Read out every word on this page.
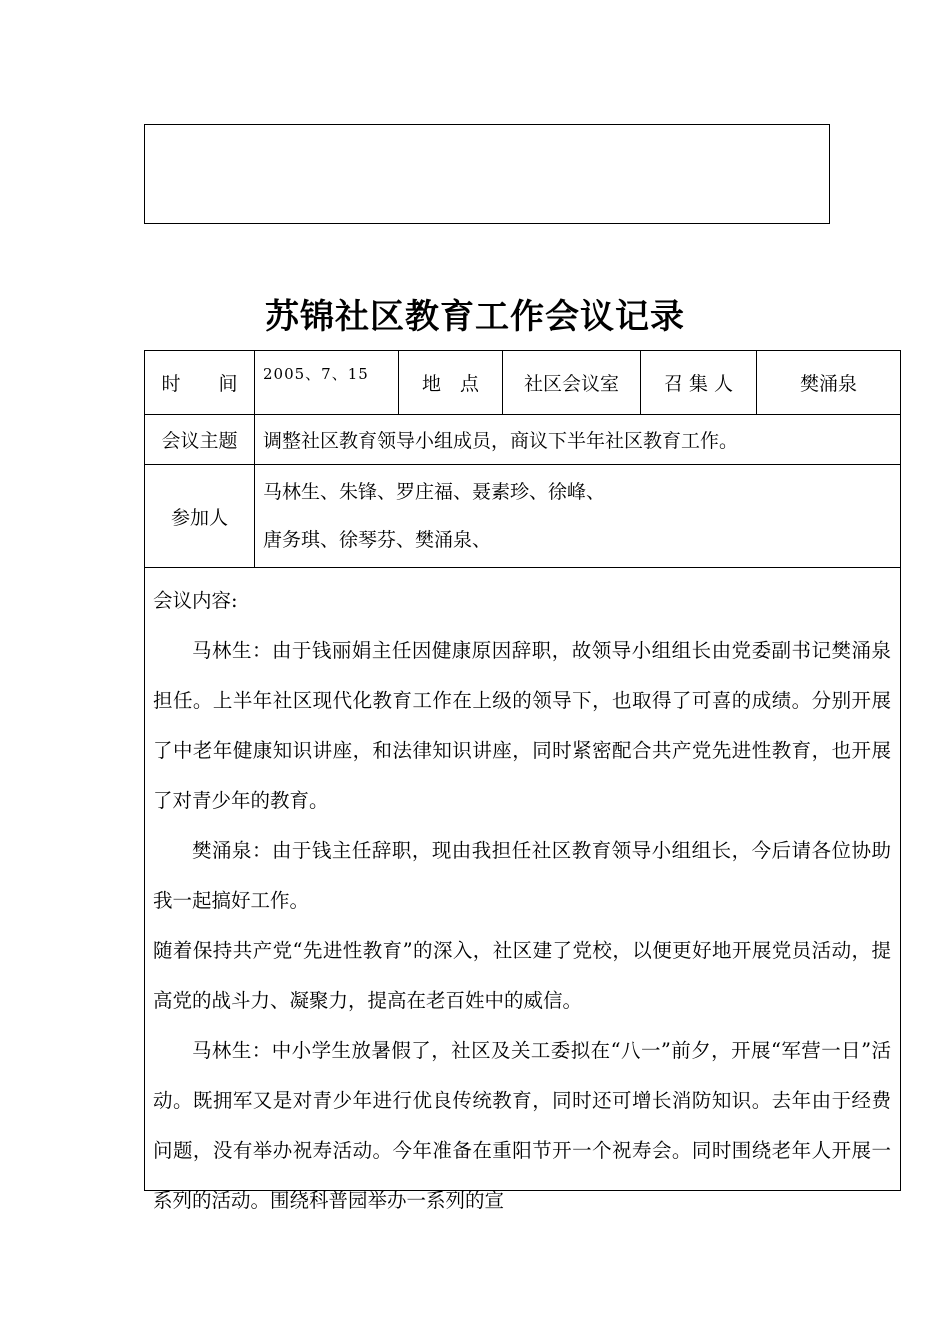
苏锦社区教育工作会议记录
时　　间	2005、7、15	地　点	社区会议室	召 集 人	樊涌泉
会议主题	调整社区教育领导小组成员，商议下半年社区教育工作。				
参加人	马林生、朱锋、罗庄福、聂素珍、徐峰、
唐务琪、徐琴芬、樊涌泉、				

会议内容:

马林生：由于钱丽娟主任因健康原因辞职，故领导小组组长由党委副书记樊涌泉担任。上半年社区现代化教育工作在上级的领导下，也取得了可喜的成绩。分别开展了中老年健康知识讲座，和法律知识讲座，同时紧密配合共产党先进性教育，也开展了对青少年的教育。

樊涌泉：由于钱主任辞职，现由我担任社区教育领导小组组长，今后请各位协助我一起搞好工作。

随着保持共产党“先进性教育”的深入，社区建了党校，以便更好地开展党员活动，提高党的战斗力、凝聚力，提高在老百姓中的威信。

马林生：中小学生放暑假了，社区及关工委拟在“八一”前夕，开展“军营一日”活动。既拥军又是对青少年进行优良传统教育，同时还可增长消防知识。去年由于经费问题，没有举办祝寿活动。今年准备在重阳节开一个祝寿会。同时围绕老年人开展一系列的活动。围绕科普园举办一系列的宣					
